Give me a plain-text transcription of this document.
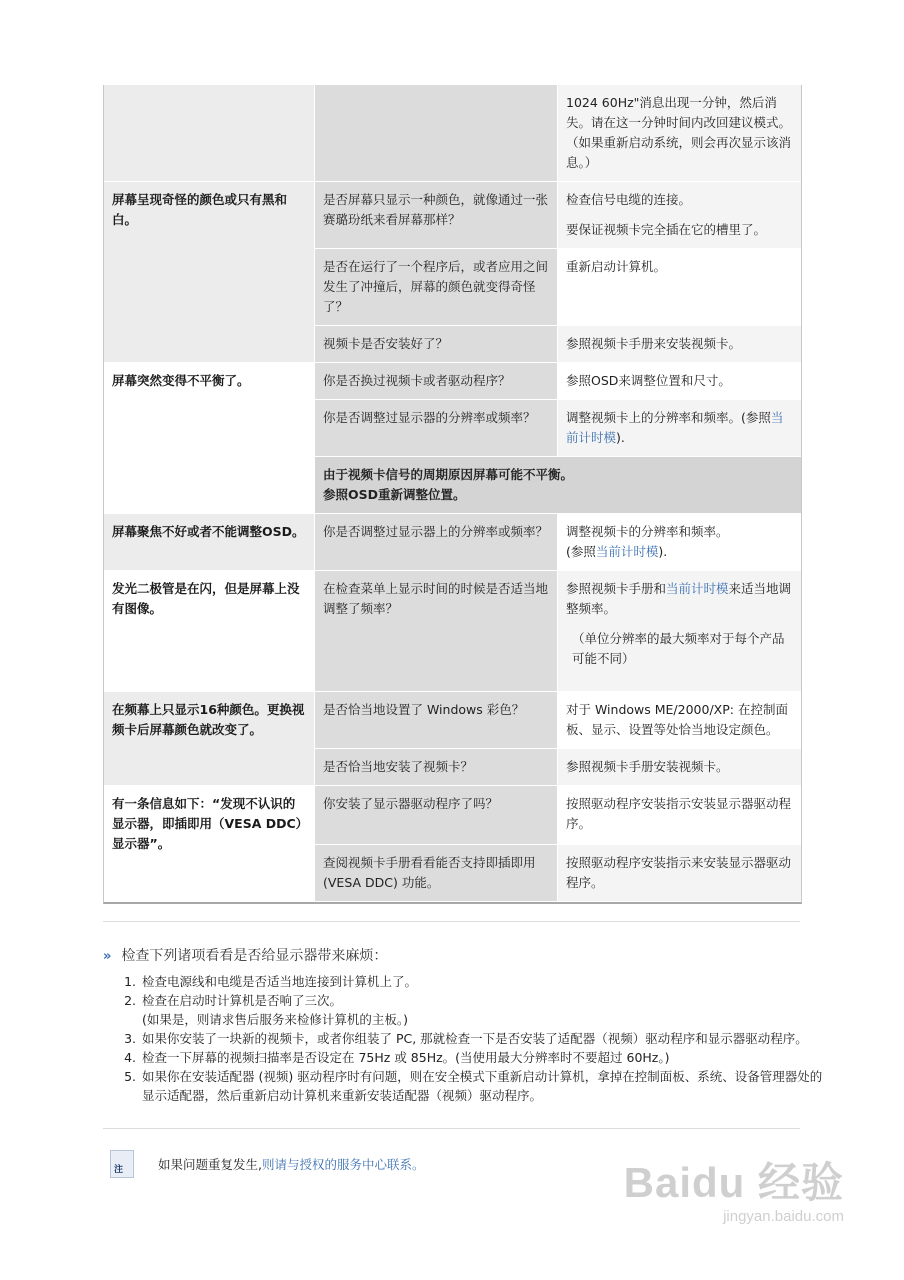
		1024 60Hz"消息出现一分钟，然后消失。请在这一分钟时间内改回建议模式。（如果重新启动系统，则会再次显示该消息。）
屏幕呈现奇怪的颜色或只有黑和白。	是否屏幕只显示一种颜色，就像通过一张赛璐玢纸来看屏幕那样？	检查信号电缆的连接。
要保证视频卡完全插在它的槽里了。

	是否在运行了一个程序后，或者应用之间发生了冲撞后，屏幕的颜色就变得奇怪了？	重新启动计算机。
	视频卡是否安装好了？	参照视频卡手册来安装视频卡。
屏幕突然变得不平衡了。	你是否换过视频卡或者驱动程序？	参照OSD来调整位置和尺寸。
	你是否调整过显示器的分辨率或频率？	调整视频卡上的分辨率和频率。(参照当前计时模).

	由于视频卡信号的周期原因屏幕可能不平衡。
参照OSD重新调整位置。	

屏幕聚焦不好或者不能调整OSD。	你是否调整过显示器上的分辨率或频率？	调整视频卡的分辨率和频率。
(参照当前计时模).

发光二极管是在闪，但是屏幕上没有图像。	在检查菜单上显示时间的时候是否适当地调整了频率？	参照视频卡手册和当前计时模来适当地调整频率。
（单位分辨率的最大频率对于每个产品可能不同）

在频幕上只显示16种颜色。更换视频卡后屏幕颜色就改变了。	是否恰当地设置了 Windows 彩色？	对于 Windows ME/2000/XP: 在控制面板、显示、设置等处恰当地设定颜色。
	是否恰当地安装了视频卡？	参照视频卡手册安装视频卡。
有一条信息如下：“发现不认识的显示器，即插即用（VESA DDC）显示器”。	你安装了显示器驱动程序了吗？	按照驱动程序安装指示安装显示器驱动程序。
	查阅视频卡手册看看能否支持即插即用 (VESA DDC) 功能。	按照驱动程序安装指示来安装显示器驱动程序。
» 检查下列诸项看看是否给显示器带来麻烦：
1. 检查电源线和电缆是否适当地连接到计算机上了。
2. 检查在启动时计算机是否响了三次。
(如果是，则请求售后服务来检修计算机的主板。)
3. 如果你安装了一块新的视频卡，或者你组装了 PC, 那就检查一下是否安装了适配器（视频）驱动程序和显示器驱动程序。
4. 检查一下屏幕的视频扫描率是否设定在 75Hz 或 85Hz。(当使用最大分辨率时不要超过 60Hz。)
5. 如果你在安装适配器 (视频) 驱动程序时有问题，则在安全模式下重新启动计算机，拿掉在控制面板、系统、设备管理器处的显示适配器，然后重新启动计算机来重新安装适配器（视频）驱动程序。
注	如果问题重复发生,则请与授权的服务中心联系。	Baidu 经验
jingyan.baidu.com
